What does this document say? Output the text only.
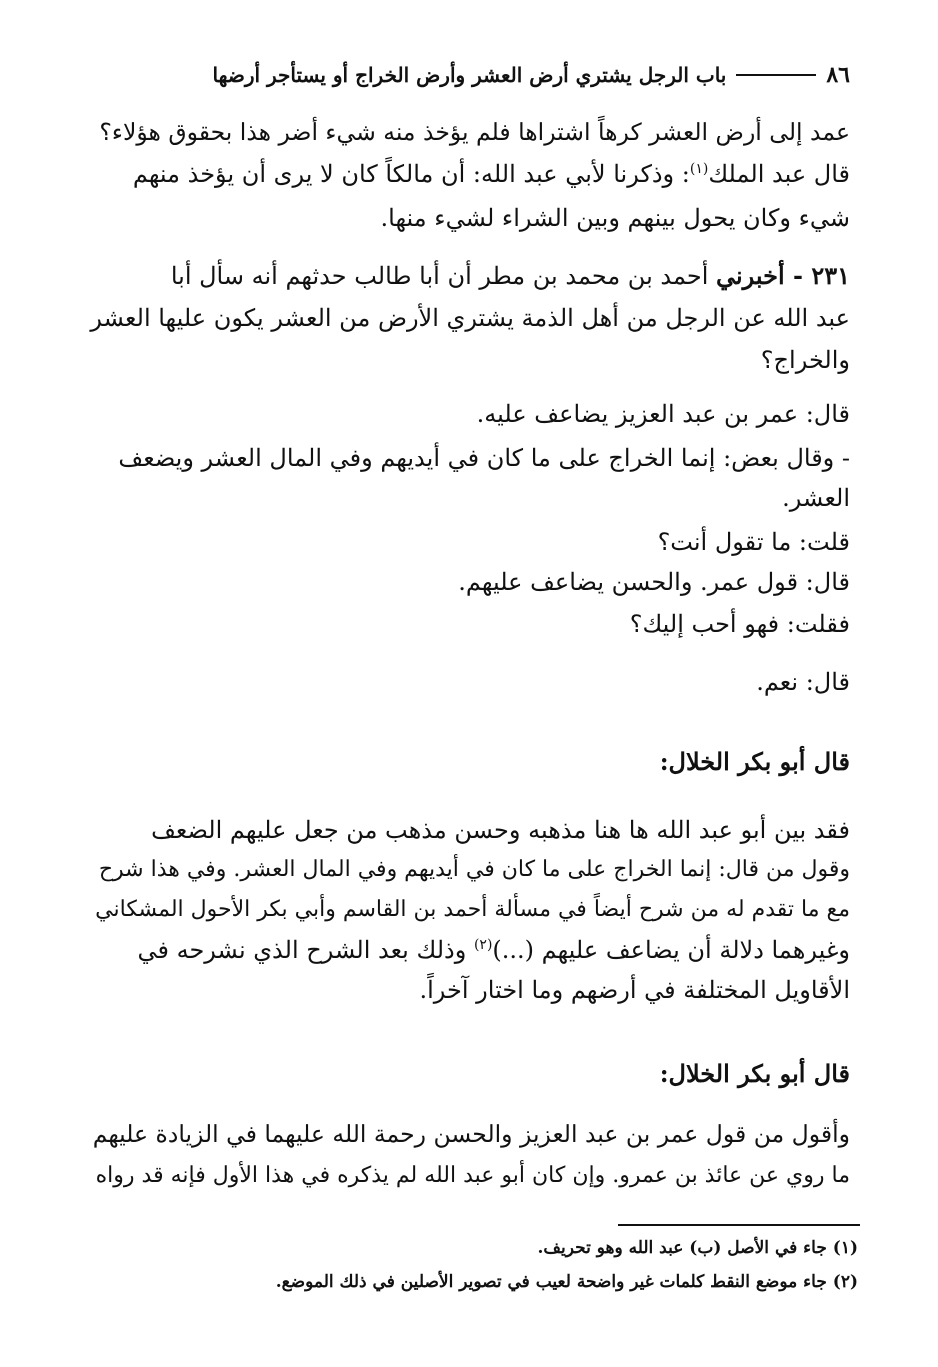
٨٦
باب الرجل يشتري أرض العشر وأرض الخراج أو يستأجر أرضها
عمد إلى أرض العشر كرهاً اشتراها فلم يؤخذ منه شيء أضر هذا بحقوق هؤلاء؟
قال عبد الملك$^{(١)}$: وذكرنا لأبي عبد الله: أن مالكاً كان لا يرى أن يؤخذ منهم
شيء وكان يحول بينهم وبين الشراء لشيء منها.
٢٣١ - أخبرني أحمد بن محمد بن مطر أن أبا طالب حدثهم أنه سأل أبا
عبد الله عن الرجل من أهل الذمة يشتري الأرض من العشر يكون عليها العشر
والخراج؟
قال: عمر بن عبد العزيز يضاعف عليه.
- وقال بعض: إنما الخراج على ما كان في أيديهم وفي المال العشر ويضعف
العشر.
قلت: ما تقول أنت؟
قال: قول عمر. والحسن يضاعف عليهم.
فقلت: فهو أحب إليك؟
قال: نعم.
قال أبو بكر الخلال:
فقد بين أبو عبد الله ها هنا مذهبه وحسن مذهب من جعل عليهم الضعف
وقول من قال: إنما الخراج على ما كان في أيديهم وفي المال العشر. وفي هذا شرح
مع ما تقدم له من شرح أيضاً في مسألة أحمد بن القاسم وأبي بكر الأحول المشكاني
وغيرهما دلالة أن يضاعف عليهم (...)$^{(٢)}$ وذلك بعد الشرح الذي نشرحه في
الأقاويل المختلفة في أرضهم وما اختار آخراً.
قال أبو بكر الخلال:
وأقول من قول عمر بن عبد العزيز والحسن رحمة الله عليهما في الزيادة عليهم
ما روي عن عائذ بن عمرو. وإن كان أبو عبد الله لم يذكره في هذا الأول فإنه قد رواه
(١) جاء في الأصل (ب) عبد الله وهو تحريف.
(٢) جاء موضع النقط كلمات غير واضحة لعيب في تصوير الأصلين في ذلك الموضع.
